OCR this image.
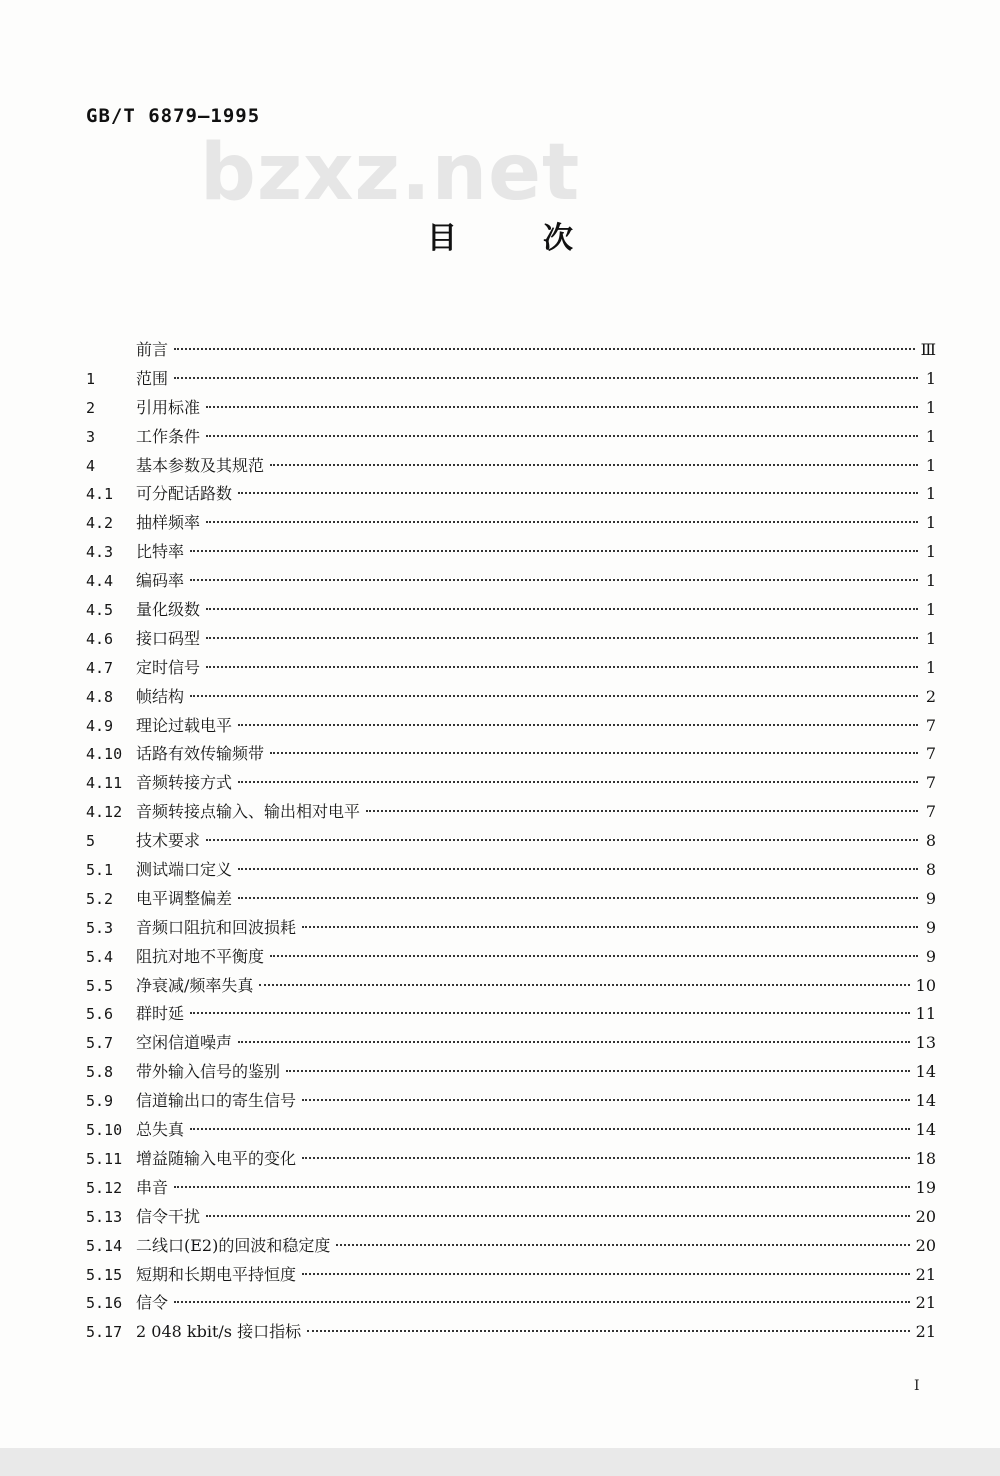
GB/T 6879—1995
bzxz.net
目次
前言	Ⅲ
1	范围	1
2	引用标准	1
3	工作条件	1
4	基本参数及其规范	1
4.1	可分配话路数	1
4.2	抽样频率	1
4.3	比特率	1
4.4	编码率	1
4.5	量化级数	1
4.6	接口码型	1
4.7	定时信号	1
4.8	帧结构	2
4.9	理论过载电平	7
4.10 话路有效传输频带	7
4.11 音频转接方式	7
4.12 音频转接点输入、输出相对电平	7
5	技术要求	8
5.1	测试端口定义	8
5.2	电平调整偏差	9
5.3	音频口阻抗和回波损耗	9
5.4	阻抗对地不平衡度	9
5.5	净衰减/频率失真	10
5.6	群时延	11
5.7	空闲信道噪声	13
5.8	带外输入信号的鉴别	14
5.9	信道输出口的寄生信号	14
5.10 总失真	14
5.11 增益随输入电平的变化	18
5.12 串音	19
5.13 信令干扰	20
5.14 二线口(E2)的回波和稳定度	20
5.15 短期和长期电平持恒度	21
5.16 信令	21
5.17 2 048 kbit/s 接口指标	21
I
